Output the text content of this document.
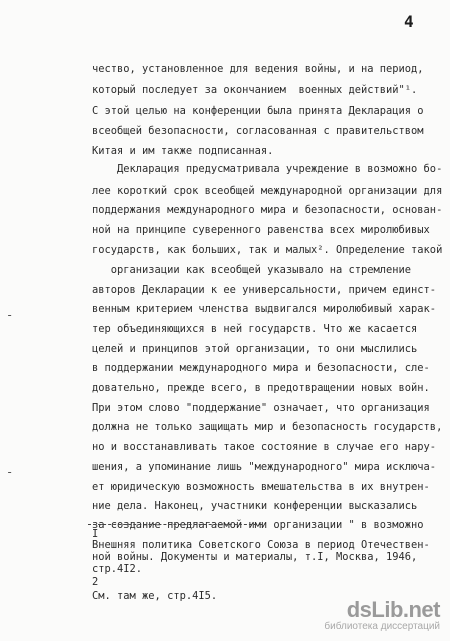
4
-
-
чество, установленное для ведения войны, и на период,
который последует за окончанием  военных действий"¹.
С этой целью на конференции была принята Декларация о
всеобщей безопасности, согласованная с правительством
Китая и им также подписанная.
Декларация предусматривала учреждение в возможно бо-
лее короткий срок всеобщей международной организации для
поддержания международного мира и безопасности, основан-
ной на принципе суверенного равенства всех миролюбивых
государств, как больших, так и малых². Определение такой
организации как всеобщей указывало на стремление
авторов Декларации к ее универсальности, причем единст-
венным критерием членства выдвигался миролюбивый харак-
тер объединяющихся в ней государств. Что же касается
целей и принципов этой организации, то они мыслились
в поддержании международного мира и безопасности, сле-
довательно, прежде всего, в предотвращении новых войн.
При этом слово "поддержание" означает, что организация
должна не только защищать мир и безопасность государств,
но и восстанавливать такое состояние в случае его нару-
шения, а упоминание лишь "международного" мира исключа-
ет юридическую возможность вмешательства в их внутрен-
ние дела. Наконец, участники конференции высказались
за создание предлагаемой ими организации " в возможно
I
Внешняя политика Советского Союза в период Отечествен-
ной войны. Документы и материалы, т.I, Москва, 1946,
стр.4I2.
2
См. там же, стр.4I5.
dsLib.net
библиотека диссертаций
